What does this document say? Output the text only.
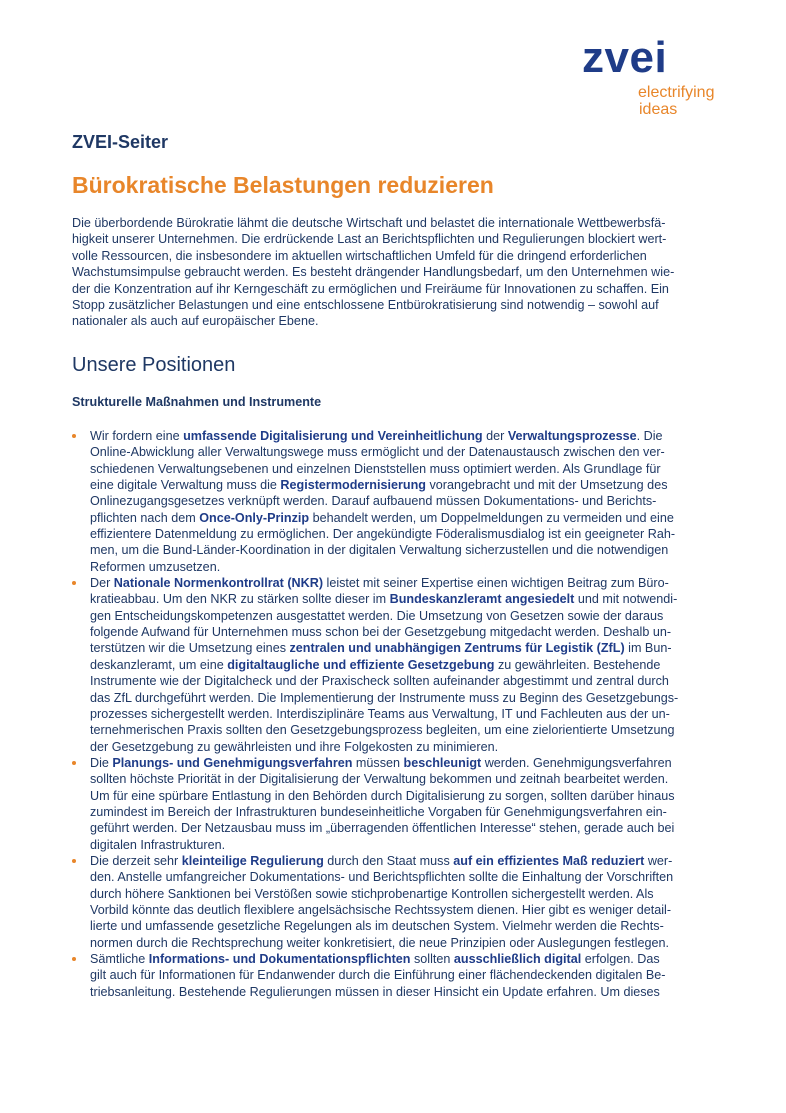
zvei
electrifying
ideas
ZVEI-Seiter
Bürokratische Belastungen reduzieren
Die überbordende Bürokratie lähmt die deutsche Wirtschaft und belastet die internationale Wettbewerbsfä-
higkeit unserer Unternehmen. Die erdrückende Last an Berichtspflichten und Regulierungen blockiert wert-
volle Ressourcen, die insbesondere im aktuellen wirtschaftlichen Umfeld für die dringend erforderlichen
Wachstumsimpulse gebraucht werden. Es besteht drängender Handlungsbedarf, um den Unternehmen wie-
der die Konzentration auf ihr Kerngeschäft zu ermöglichen und Freiräume für Innovationen zu schaffen. Ein
Stopp zusätzlicher Belastungen und eine entschlossene Entbürokratisierung sind notwendig – sowohl auf
nationaler als auch auf europäischer Ebene.
Unsere Positionen
Strukturelle Maßnahmen und Instrumente
Wir fordern eine umfassende Digitalisierung und Vereinheitlichung der Verwaltungsprozesse. Die
Online-Abwicklung aller Verwaltungswege muss ermöglicht und der Datenaustausch zwischen den ver-
schiedenen Verwaltungsebenen und einzelnen Dienststellen muss optimiert werden. Als Grundlage für
eine digitale Verwaltung muss die Registermodernisierung vorangebracht und mit der Umsetzung des
Onlinezugangsgesetzes verknüpft werden. Darauf aufbauend müssen Dokumentations- und Berichts-
pflichten nach dem Once-Only-Prinzip behandelt werden, um Doppelmeldungen zu vermeiden und eine
effizientere Datenmeldung zu ermöglichen. Der angekündigte Föderalismusdialog ist ein geeigneter Rah-
men, um die Bund-Länder-Koordination in der digitalen Verwaltung sicherzustellen und die notwendigen
Reformen umzusetzen.
Der Nationale Normenkontrollrat (NKR) leistet mit seiner Expertise einen wichtigen Beitrag zum Büro-
kratieabbau. Um den NKR zu stärken sollte dieser im Bundeskanzleramt angesiedelt und mit notwendi-
gen Entscheidungskompetenzen ausgestattet werden. Die Umsetzung von Gesetzen sowie der daraus
folgende Aufwand für Unternehmen muss schon bei der Gesetzgebung mitgedacht werden. Deshalb un-
terstützen wir die Umsetzung eines zentralen und unabhängigen Zentrums für Legistik (ZfL) im Bun-
deskanzleramt, um eine digitaltaugliche und effiziente Gesetzgebung zu gewährleiten. Bestehende
Instrumente wie der Digitalcheck und der Praxischeck sollten aufeinander abgestimmt und zentral durch
das ZfL durchgeführt werden. Die Implementierung der Instrumente muss zu Beginn des Gesetzgebungs-
prozesses sichergestellt werden. Interdisziplinäre Teams aus Verwaltung, IT und Fachleuten aus der un-
ternehmerischen Praxis sollten den Gesetzgebungsprozess begleiten, um eine zielorientierte Umsetzung
der Gesetzgebung zu gewährleisten und ihre Folgekosten zu minimieren.
Die Planungs- und Genehmigungsverfahren müssen beschleunigt werden. Genehmigungsverfahren
sollten höchste Priorität in der Digitalisierung der Verwaltung bekommen und zeitnah bearbeitet werden.
Um für eine spürbare Entlastung in den Behörden durch Digitalisierung zu sorgen, sollten darüber hinaus
zumindest im Bereich der Infrastrukturen bundeseinheitliche Vorgaben für Genehmigungsverfahren ein-
geführt werden. Der Netzausbau muss im „überragenden öffentlichen Interesse“ stehen, gerade auch bei
digitalen Infrastrukturen.
Die derzeit sehr kleinteilige Regulierung durch den Staat muss auf ein effizientes Maß reduziert wer-
den. Anstelle umfangreicher Dokumentations- und Berichtspflichten sollte die Einhaltung der Vorschriften
durch höhere Sanktionen bei Verstößen sowie stichprobenartige Kontrollen sichergestellt werden. Als
Vorbild könnte das deutlich flexiblere angelsächsische Rechtssystem dienen. Hier gibt es weniger detail-
lierte und umfassende gesetzliche Regelungen als im deutschen System. Vielmehr werden die Rechts-
normen durch die Rechtsprechung weiter konkretisiert, die neue Prinzipien oder Auslegungen festlegen.
Sämtliche Informations- und Dokumentationspflichten sollten ausschließlich digital erfolgen. Das
gilt auch für Informationen für Endanwender durch die Einführung einer flächendeckenden digitalen Be-
triebsanleitung. Bestehende Regulierungen müssen in dieser Hinsicht ein Update erfahren. Um dieses
